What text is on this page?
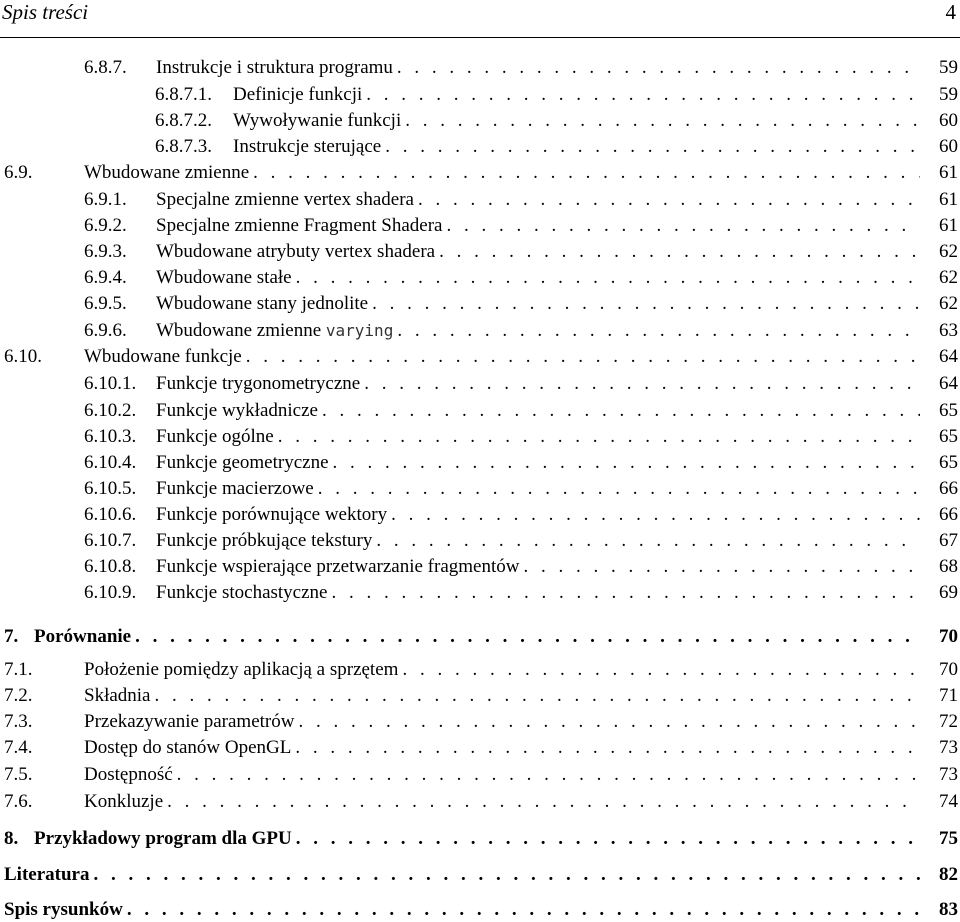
Spis treści	4
6.8.7.	Instrukcje i struktura programu . . .	59
6.8.7.1.	Definicje funkcji . . .	59
6.8.7.2.	Wywoływanie funkcji . . .	60
6.8.7.3.	Instrukcje sterujące . . .	60
6.9.	Wbudowane zmienne . . .	61
6.9.1.	Specjalne zmienne vertex shadera . . .	61
6.9.2.	Specjalne zmienne Fragment Shadera . . .	61
6.9.3.	Wbudowane atrybuty vertex shadera . . .	62
6.9.4.	Wbudowane stałe . . .	62
6.9.5.	Wbudowane stany jednolite . . .	62
6.9.6.	Wbudowane zmienne varying . . .	63
6.10.	Wbudowane funkcje . . .	64
6.10.1.	Funkcje trygonometryczne . . .	64
6.10.2.	Funkcje wykładnicze . . .	65
6.10.3.	Funkcje ogólne . . .	65
6.10.4.	Funkcje geometryczne . . .	65
6.10.5.	Funkcje macierzowe . . .	66
6.10.6.	Funkcje porównujące wektory . . .	66
6.10.7.	Funkcje próbkujące tekstury . . .	67
6.10.8.	Funkcje wspierające przetwarzanie fragmentów . . .	68
6.10.9.	Funkcje stochastyczne . . .	69
7. Porównanie . . .	70
7.1.	Położenie pomiędzy aplikacją a sprzętem . . .	70
7.2.	Składnia . . .	71
7.3.	Przekazywanie parametrów . . .	72
7.4.	Dostęp do stanów OpenGL . . .	73
7.5.	Dostępność . . .	73
7.6.	Konkluzje . . .	74
8. Przykładowy program dla GPU . . .	75
Literatura . . .	82
Spis rysunków . . .	83
